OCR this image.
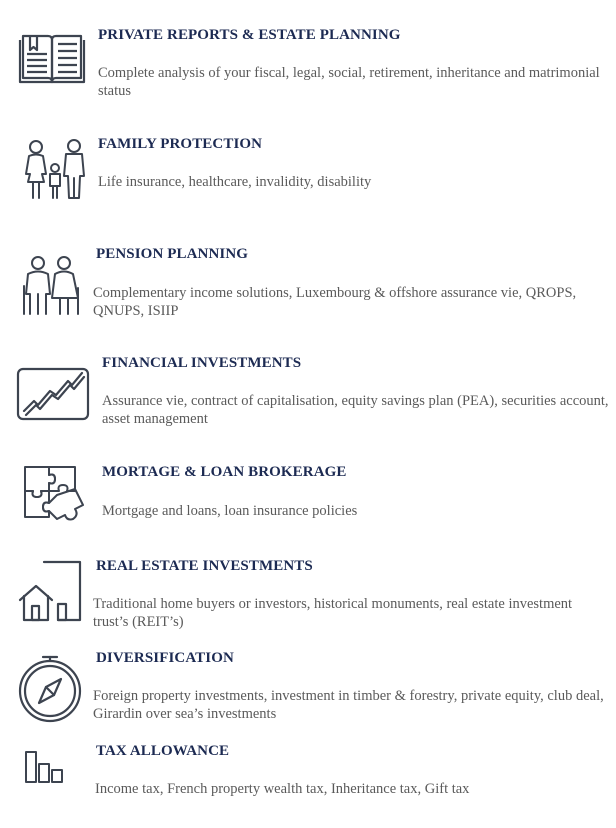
PRIVATE REPORTS & ESTATE PLANNING
Complete analysis of your fiscal, legal, social, retirement, inheritance and matrimonial status
FAMILY PROTECTION
Life insurance, healthcare, invalidity, disability
PENSION PLANNING
Complementary income solutions, Luxembourg & offshore assurance vie, QROPS, QNUPS, ISIIP
FINANCIAL INVESTMENTS
Assurance vie, contract of capitalisation, equity savings plan (PEA), securities account, asset management
MORTAGE & LOAN BROKERAGE
Mortgage and loans, loan insurance policies
REAL ESTATE INVESTMENTS
Traditional home buyers or investors, historical monuments, real estate investment trust’s (REIT’s)
DIVERSIFICATION
Foreign property investments, investment in timber & forestry, private equity, club deal, Girardin over sea’s investments
TAX ALLOWANCE
Income tax, French property wealth tax, Inheritance tax, Gift tax
